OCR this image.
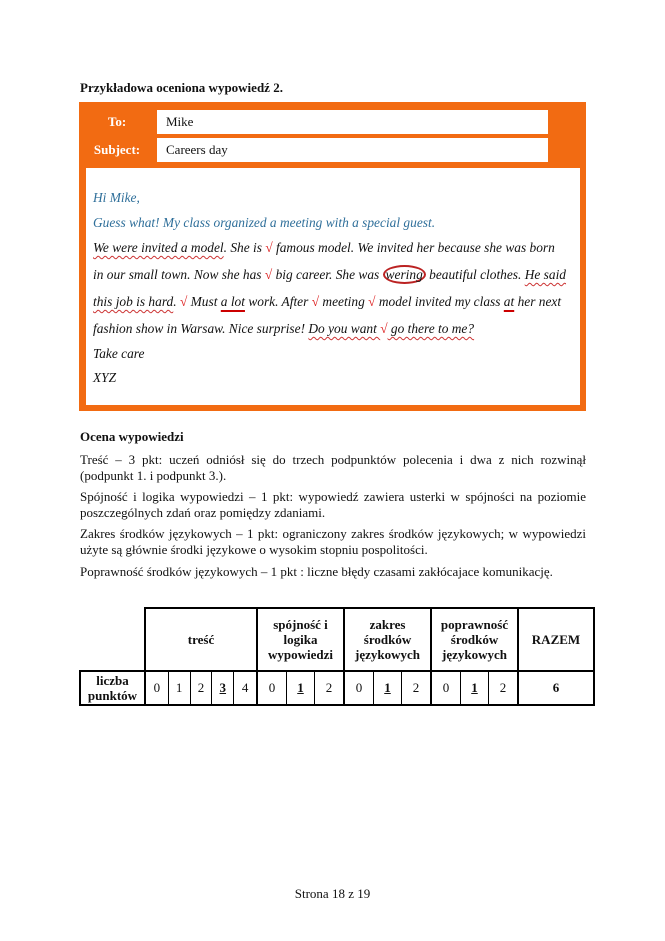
Przykładowa oceniona wypowiedź 2.
To:	Mike
Subject:	Careers day
Hi Mike,
Guess what! My class organized a meeting with a special guest.
We were invited a model. She is √ famous model. We invited her because she was born
in our small town. Now she has √ big career. She was wering beautiful clothes. He said
this job is hard. √ Must a lot work. After √ meeting √ model invited my class at her next
fashion show in Warsaw. Nice surprise! Do you want √ go there to me?
Take care
XYZ
Ocena wypowiedzi
Treść – 3 pkt: uczeń odniósł się do trzech podpunktów polecenia i dwa z nich rozwinął (podpunkt 1. i podpunkt 3.).
Spójność i logika wypowiedzi – 1 pkt: wypowiedź zawiera usterki w spójności na poziomie poszczególnych zdań oraz pomiędzy zdaniami.
Zakres środków językowych – 1 pkt: ograniczony zakres środków językowych; w wypowiedzi użyte są głównie środki językowe o wysokim stopniu pospolitości.
Poprawność środków językowych – 1 pkt : liczne błędy czasami zakłócajace komunikację.
	treść					spójność i logika wypowiedzi			zakres środków językowych			poprawność środków językowych			RAZEM
liczba punktów	0	1	2	3	4	0	1	2	0	1	2	0	1	2	6
Strona 18 z 19
